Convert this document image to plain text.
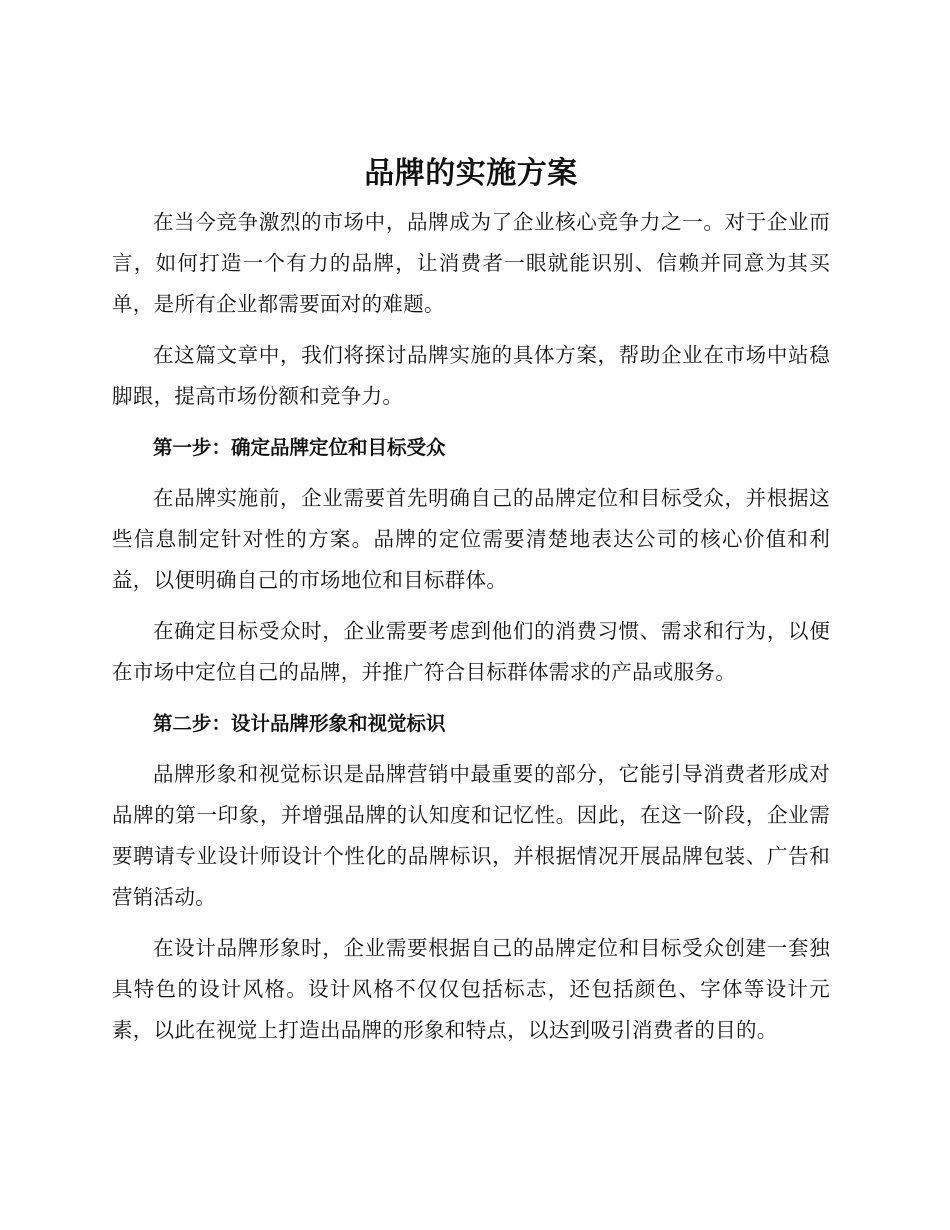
品牌的实施方案

在当今竞争激烈的市场中，品牌成为了企业核心竞争力之一。对于企业而言，如何打造一个有力的品牌，让消费者一眼就能识别、信赖并同意为其买单，是所有企业都需要面对的难题。

在这篇文章中，我们将探讨品牌实施的具体方案，帮助企业在市场中站稳脚跟，提高市场份额和竞争力。

第一步：确定品牌定位和目标受众

在品牌实施前，企业需要首先明确自己的品牌定位和目标受众，并根据这些信息制定针对性的方案。品牌的定位需要清楚地表达公司的核心价值和利益，以便明确自己的市场地位和目标群体。

在确定目标受众时，企业需要考虑到他们的消费习惯、需求和行为，以便在市场中定位自己的品牌，并推广符合目标群体需求的产品或服务。

第二步：设计品牌形象和视觉标识

品牌形象和视觉标识是品牌营销中最重要的部分，它能引导消费者形成对品牌的第一印象，并增强品牌的认知度和记忆性。因此，在这一阶段，企业需要聘请专业设计师设计个性化的品牌标识，并根据情况开展品牌包装、广告和营销活动。

在设计品牌形象时，企业需要根据自己的品牌定位和目标受众创建一套独具特色的设计风格。设计风格不仅仅包括标志，还包括颜色、字体等设计元素，以此在视觉上打造出品牌的形象和特点，以达到吸引消费者的目的。
